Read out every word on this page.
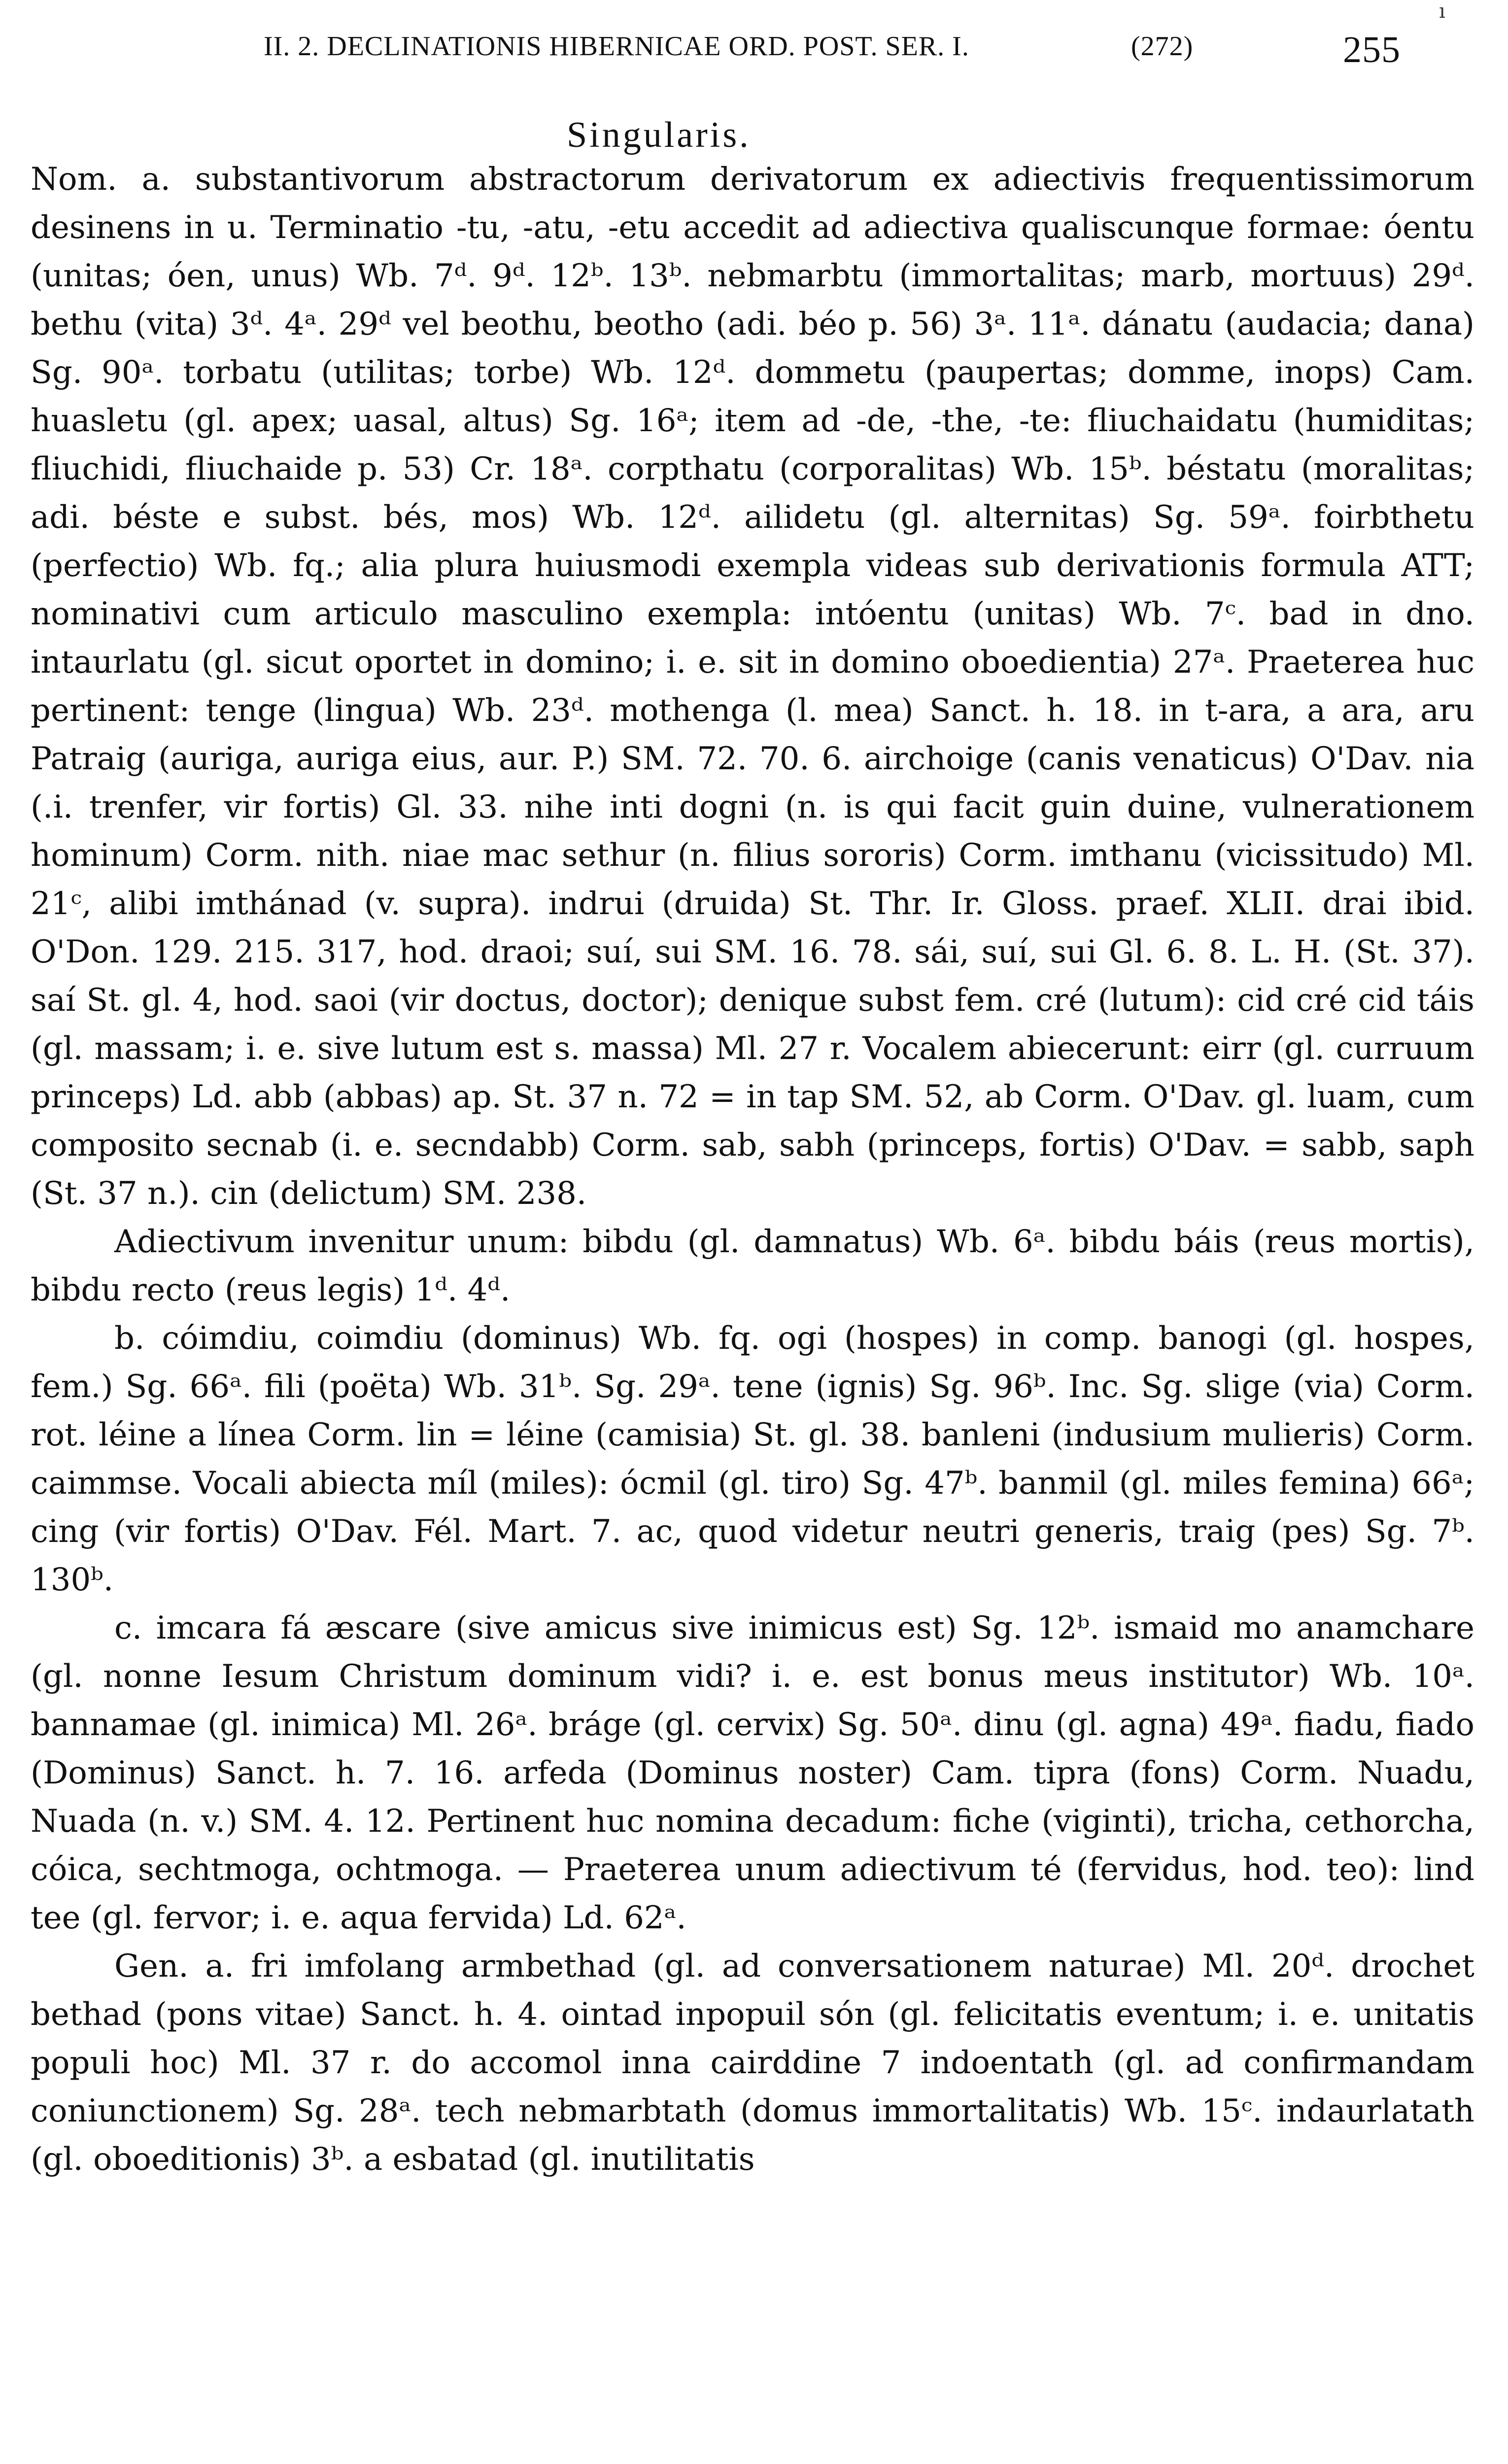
II. 2. DECLINATIONIS HIBERNICAE ORD. POST. SER. I.	(272)	255
ı
Singularis.

Nom. a. substantivorum abstractorum derivatorum ex adiectivis frequentissimorum desinens in u. Terminatio -tu, -atu, -etu accedit ad adiectiva qualiscunque formae: óentu (unitas; óen, unus) Wb. 7ᵈ. 9ᵈ. 12ᵇ. 13ᵇ. nebmarbtu (immortalitas; marb, mortuus) 29ᵈ. bethu (vita) 3ᵈ. 4ᵃ. 29ᵈ vel beothu, beotho (adi. béo p. 56) 3ᵃ. 11ᵃ. dánatu (audacia; dana) Sg. 90ᵃ. torbatu (utilitas; torbe) Wb. 12ᵈ. dommetu (paupertas; domme, inops) Cam. huasletu (gl. apex; uasal, altus) Sg. 16ᵃ; item ad -de, -the, -te: fliuchaidatu (humiditas; fliuchidi, fliuchaide p. 53) Cr. 18ᵃ. corpthatu (corporalitas) Wb. 15ᵇ. béstatu (moralitas; adi. béste e subst. bés, mos) Wb. 12ᵈ. ailidetu (gl. alternitas) Sg. 59ᵃ. foirbthetu (perfectio) Wb. fq.; alia plura huiusmodi exempla videas sub derivationis formula ATT; nominativi cum articulo masculino exempla: intóentu (unitas) Wb. 7ᶜ. bad in dno. intaurlatu (gl. sicut oportet in domino; i. e. sit in domino oboedientia) 27ᵃ. Praeterea huc pertinent: tenge (lingua) Wb. 23ᵈ. mothenga (l. mea) Sanct. h. 18. in t-ara, a ara, aru Patraig (auriga, auriga eius, aur. P.) SM. 72. 70. 6. airchoige (canis venaticus) O'Dav. nia (.i. trenfer, vir fortis) Gl. 33. nihe inti dogni (n. is qui facit guin duine, vulnerationem hominum) Corm. nith. niae mac sethur (n. filius sororis) Corm. imthanu (vicissitudo) Ml. 21ᶜ, alibi imthánad (v. supra). indrui (druida) St. Thr. Ir. Gloss. praef. XLII. drai ibid. O'Don. 129. 215. 317, hod. draoi; suí, sui SM. 16. 78. sái, suí, sui Gl. 6. 8. L. H. (St. 37). saí St. gl. 4, hod. saoi (vir doctus, doctor); denique subst fem. cré (lutum): cid cré cid táis (gl. massam; i. e. sive lutum est s. massa) Ml. 27 r. Vocalem abiecerunt: eirr (gl. curruum princeps) Ld. abb (abbas) ap. St. 37 n. 72 = in tap SM. 52, ab Corm. O'Dav. gl. luam, cum composito secnab (i. e. secndabb) Corm. sab, sabh (princeps, fortis) O'Dav. = sabb, saph (St. 37 n.). cin (delictum) SM. 238.

Adiectivum invenitur unum: bibdu (gl. damnatus) Wb. 6ᵃ. bibdu báis (reus mortis), bibdu recto (reus legis) 1ᵈ. 4ᵈ.

b. cóimdiu, coimdiu (dominus) Wb. fq. ogi (hospes) in comp. banogi (gl. hospes, fem.) Sg. 66ᵃ. fili (poëta) Wb. 31ᵇ. Sg. 29ᵃ. tene (ignis) Sg. 96ᵇ. Inc. Sg. slige (via) Corm. rot. léine a línea Corm. lin = léine (camisia) St. gl. 38. banleni (indusium mulieris) Corm. caimmse. Vocali abiecta míl (miles): ócmil (gl. tiro) Sg. 47ᵇ. banmil (gl. miles femina) 66ᵃ; cing (vir fortis) O'Dav. Fél. Mart. 7. ac, quod videtur neutri generis, traig (pes) Sg. 7ᵇ. 130ᵇ.

c. imcara fá æscare (sive amicus sive inimicus est) Sg. 12ᵇ. ismaid mo anamchare (gl. nonne Iesum Christum dominum vidi? i. e. est bonus meus institutor) Wb. 10ᵃ. bannamae (gl. inimica) Ml. 26ᵃ. bráge (gl. cervix) Sg. 50ᵃ. dinu (gl. agna) 49ᵃ. fiadu, fiado (Dominus) Sanct. h. 7. 16. arfeda (Dominus noster) Cam. tipra (fons) Corm. Nuadu, Nuada (n. v.) SM. 4. 12. Pertinent huc nomina decadum: fiche (viginti), tricha, cethorcha, cóica, sechtmoga, ochtmoga. — Praeterea unum adiectivum té (fervidus, hod. teo): lind tee (gl. fervor; i. e. aqua fervida) Ld. 62ᵃ.

Gen. a. fri imfolang armbethad (gl. ad conversationem naturae) Ml. 20ᵈ. drochet bethad (pons vitae) Sanct. h. 4. ointad inpopuil són (gl. felicitatis eventum; i. e. unitatis populi hoc) Ml. 37 r. do accomol inna cairddine 7 indoentath (gl. ad confirmandam coniunctionem) Sg. 28ᵃ. tech nebmarbtath (domus immortalitatis) Wb. 15ᶜ. indaurlatath (gl. oboeditionis) 3ᵇ. a esbatad (gl. inutilitatis
